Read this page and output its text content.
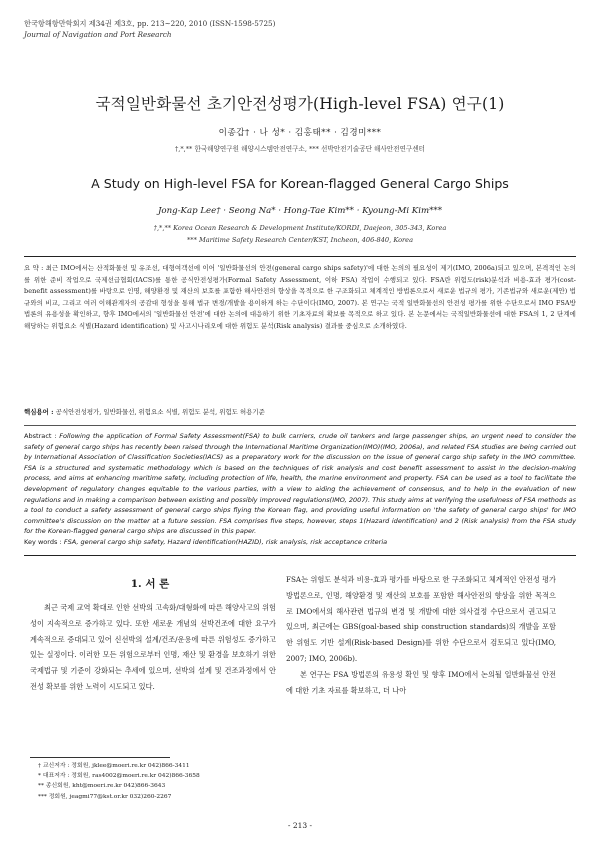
한국항해항만학회지 제34권 제3호, pp. 213~220, 2010 (ISSN-1598-5725)
Journal of Navigation and Port Research
국적일반화물선 초기안전성평가(High-level FSA) 연구(1)
이종갑† · 나 성* · 김홍태** · 김경미***
†,*,** 한국해양연구원 해양시스템안전연구소, *** 선박안전기술공단 해사안전연구센터
A Study on High-level FSA for Korean-flagged General Cargo Ships
Jong-Kap Lee† · Seong Na* · Hong-Tae Kim** · Kyoung-Mi Kim***
†,*,** Korea Ocean Research & Development Institute/KORDI, Daejeon, 305-343, Korea
*** Maritime Safety Research Center/KST, Incheon, 406-840, Korea
요 약 : 최근 IMO에서는 산적화물선 및 유조선, 대형여객선에 이어 '일반화물선의 안전(general cargo ships safety)'에 대한 논의의 필요성이 제기(IMO, 2006a)되고 있으며, 본격적인 논의를 위한 준비 작업으로 국제선급협회(IACS)를 통한 공식안전성평가(Formal Safety Assessment, 이하 FSA) 작업이 수행되고 있다. FSA란 위험도(risk)분석과 비용-효과 평가(cost-benefit assessment)를 바탕으로 인명, 해양환경 및 재산의 보호를 포함한 해사안전의 향상을 목적으로 한 구조화되고 체계적인 방법론으로서 새로운 법규의 평가, 기존법규와 새로운(제안) 법규와의 비교, 그리고 여러 이해관계자의 공감대 형성을 통해 법규 변경/개발을 용이하게 하는 수단이다(IMO, 2007). 본 연구는 국적 일반화물선의 안전성 평가를 위한 수단으로서 IMO FSA방법론의 유용성을 확인하고, 향후 IMO에서의 '일반화물선 안전'에 대한 논의에 대응하기 위한 기초자료의 확보를 목적으로 하고 있다. 본 논문에서는 국적일반화물선에 대한 FSA의 1, 2 단계에 해당하는 위험요소 식별(Hazard identification) 및 사고시나리오에 대한 위험도 분석(Risk analysis) 결과를 중심으로 소개하였다.
핵심용어 : 공식안전성평가, 일반화물선, 위험요소 식별, 위험도 분석, 위험도 허용기준
Abstract : Following the application of Formal Safety Assessment(FSA) to bulk carriers, crude oil tankers and large passenger ships, an urgent need to consider the safety of general cargo ships has recently been raised through the International Maritime Organization(IMO)(IMO, 2006a), and related FSA studies are being carried out by International Association of Classification Societies(IACS) as a preparatory work for the discussion on the issue of general cargo ship safety in the IMO committee. FSA is a structured and systematic methodology which is based on the techniques of risk analysis and cost benefit assessment to assist in the decision-making process, and aims at enhancing maritime safety, including protection of life, health, the marine environment and property. FSA can be used as a tool to facilitate the development of regulatory changes equitable to the various parties, with a view to aiding the achievement of consensus, and to help in the evaluation of new regulations and in making a comparison between existing and possibly improved regulations(IMO, 2007). This study aims at verifying the usefulness of FSA methods as a tool to conduct a safety assessment of general cargo ships flying the Korean flag, and providing useful information on 'the safety of general cargo ships' for IMO committee's discussion on the matter at a future session. FSA comprises five steps, however, steps 1(Hazard identification) and 2 (Risk analysis) from the FSA study for the Korean-flagged general cargo ships are discussed in this paper.
Key words : FSA, general cargo ship safety, Hazard identification(HAZID), risk analysis, risk acceptance criteria
1. 서 론
최근 국제 교역 확대로 인한 선박의 고속화/대형화에 따른 해양사고의 위험성이 지속적으로 증가하고 있다. 또한 새로운 개념의 선박건조에 대한 요구가 계속적으로 증대되고 있어 신선박의 설계/건조/운용에 따른 위험성도 증가하고 있는 실정이다. 이러한 모든 위험으로부터 인명, 재산 및 환경을 보호하기 위한 국제법규 및 기준이 강화되는 추세에 있으며, 선박의 설계 및 건조과정에서 안전성 확보를 위한 노력이 시도되고 있다.

FSA는 위험도 분석과 비용-효과 평가를 바탕으로 한 구조화되고 체계적인 안전성 평가 방법론으로, 인명, 해양환경 및 재산의 보호를 포함한 해사안전의 향상을 위한 목적으로 IMO에서의 해사관련 법규의 변경 및 개발에 대한 의사결정 수단으로서 권고되고 있으며, 최근에는 GBS(goal-based ship construction standards)의 개발을 포함한 위험도 기반 설계(Risk-based Design)를 위한 수단으로서 검토되고 있다(IMO, 2007; IMO, 2006b).

본 연구는 FSA 방법론의 유용성 확인 및 향후 IMO에서 논의될 일반화물선 안전에 대한 기초 자료를 확보하고, 더 나아

† 교신저자 : 정회원, jklee@moeri.re.kr 042)866-3411
* 대표저자 : 정회원, ras4002@moeri.re.kr 042)866-3658
** 종신회원, kht@moeri.re.kr 042)866-3643
*** 정회원, jeagmi77@kst.or.kr 032)260-2267
- 213 -
